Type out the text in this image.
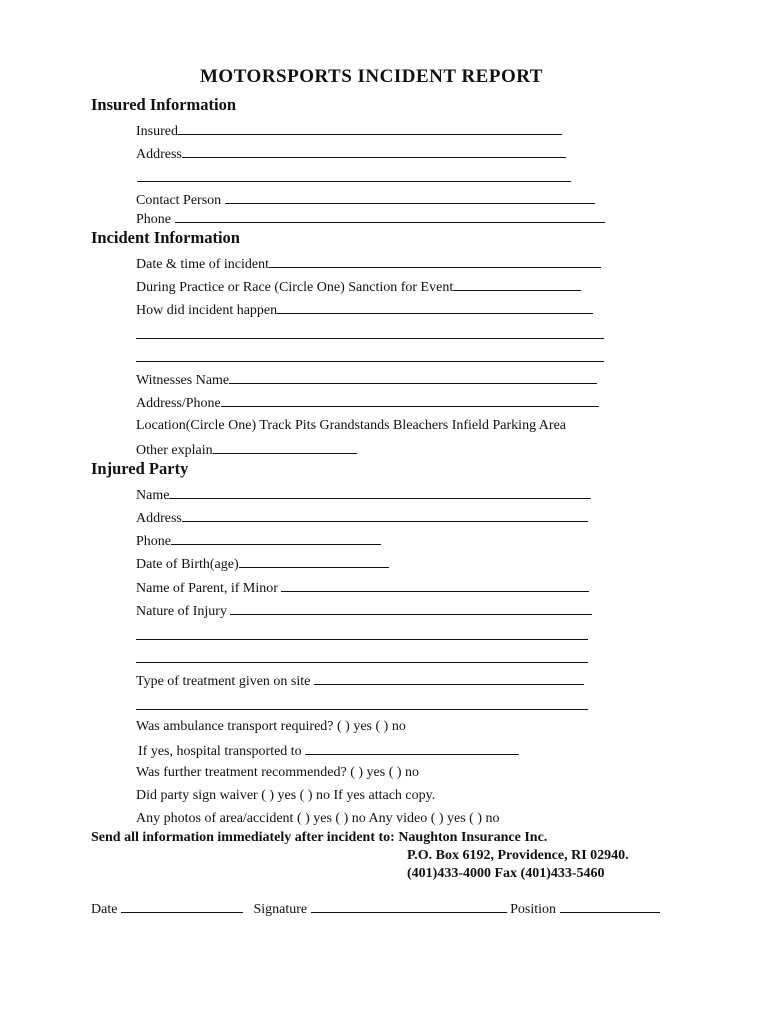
MOTORSPORTS INCIDENT REPORT
Insured Information
Insured
Address
Contact Person
Phone
Incident Information
Date & time of incident
During Practice or Race (Circle One) Sanction for Event
How did incident happen
Witnesses Name
Address/Phone
Location(Circle One) Track Pits Grandstands Bleachers Infield Parking Area
Other explain
Injured Party
Name
Address
Phone
Date of Birth(age)
Name of Parent, if Minor
Nature of Injury
Type of treatment given on site
Was ambulance transport required? ( ) yes ( ) no
If yes, hospital transported to
Was further treatment recommended? ( ) yes ( ) no
Did party sign waiver ( ) yes ( ) no If yes attach copy.
Any photos of area/accident ( ) yes ( ) no Any video ( ) yes ( ) no
Send all information immediately after incident to: Naughton Insurance Inc.
P.O. Box 6192, Providence, RI 02940.
(401)433-4000 Fax (401)433-5460
Date	Signature	Position
